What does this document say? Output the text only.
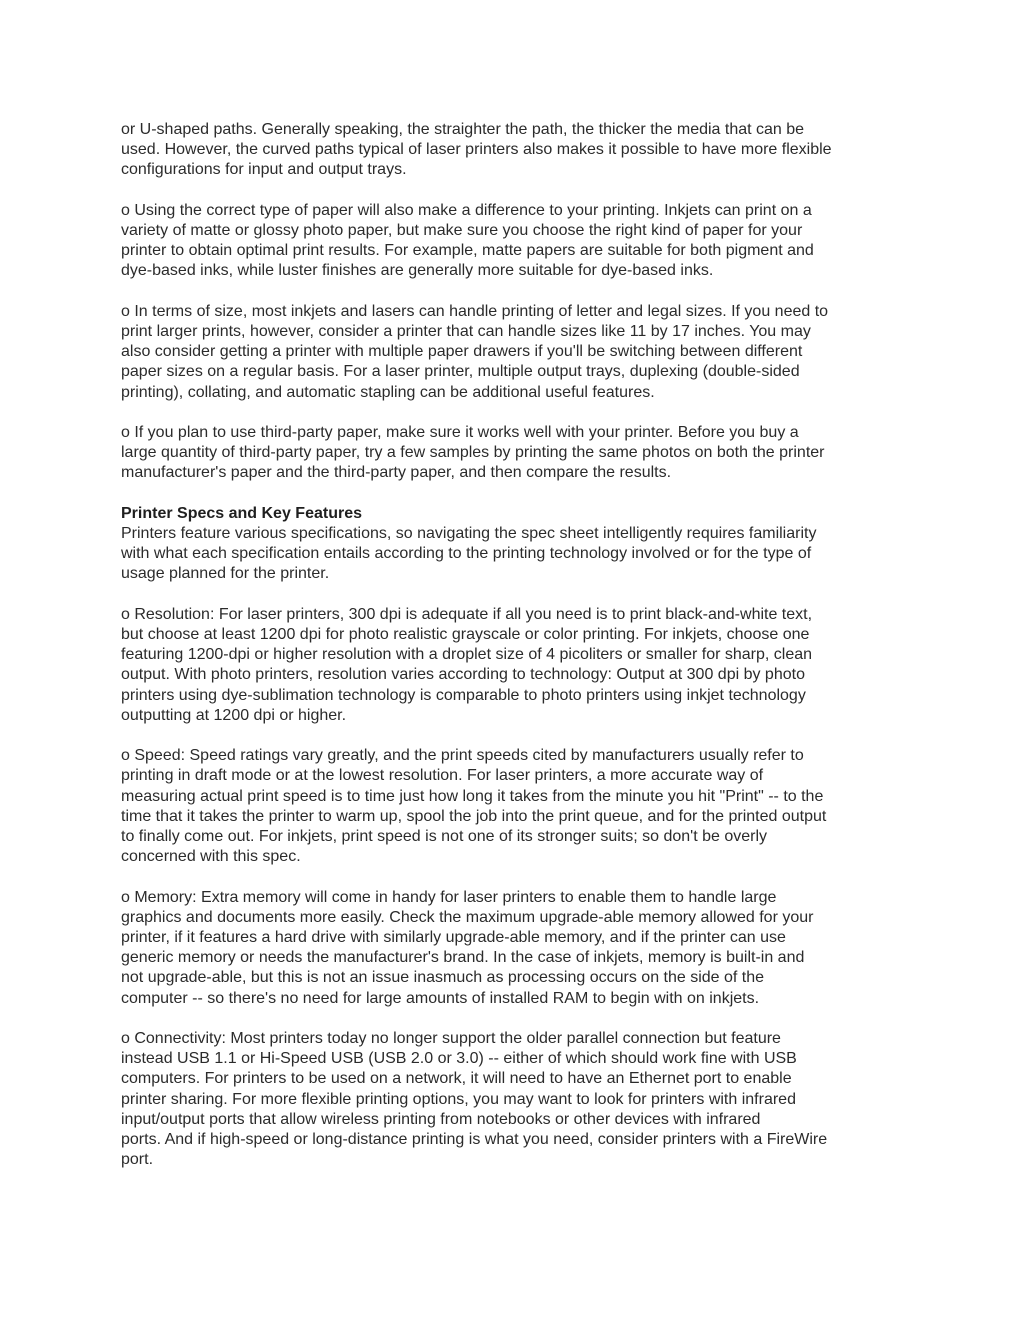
or U-shaped paths. Generally speaking, the straighter the path, the thicker the media that can be
used. However, the curved paths typical of laser printers also makes it possible to have more flexible
configurations for input and output trays.

o Using the correct type of paper will also make a difference to your printing. Inkjets can print on a
variety of matte or glossy photo paper, but make sure you choose the right kind of paper for your
printer to obtain optimal print results. For example, matte papers are suitable for both pigment and
dye-based inks, while luster finishes are generally more suitable for dye-based inks.

o In terms of size, most inkjets and lasers can handle printing of letter and legal sizes. If you need to
print larger prints, however, consider a printer that can handle sizes like 11 by 17 inches. You may
also consider getting a printer with multiple paper drawers if you'll be switching between different
paper sizes on a regular basis. For a laser printer, multiple output trays, duplexing (double-sided
printing), collating, and automatic stapling can be additional useful features.

o If you plan to use third-party paper, make sure it works well with your printer. Before you buy a
large quantity of third-party paper, try a few samples by printing the same photos on both the printer
manufacturer's paper and the third-party paper, and then compare the results.

Printer Specs and Key Features

Printers feature various specifications, so navigating the spec sheet intelligently requires familiarity
with what each specification entails according to the printing technology involved or for the type of
usage planned for the printer.

o Resolution: For laser printers, 300 dpi is adequate if all you need is to print black-and-white text,
but choose at least 1200 dpi for photo realistic grayscale or color printing. For inkjets, choose one
featuring 1200-dpi or higher resolution with a droplet size of 4 picoliters or smaller for sharp, clean
output. With photo printers, resolution varies according to technology: Output at 300 dpi by photo
printers using dye-sublimation technology is comparable to photo printers using inkjet technology
outputting at 1200 dpi or higher.

o Speed: Speed ratings vary greatly, and the print speeds cited by manufacturers usually refer to
printing in draft mode or at the lowest resolution. For laser printers, a more accurate way of
measuring actual print speed is to time just how long it takes from the minute you hit "Print" -- to the
time that it takes the printer to warm up, spool the job into the print queue, and for the printed output
to finally come out. For inkjets, print speed is not one of its stronger suits; so don't be overly
concerned with this spec.

o Memory: Extra memory will come in handy for laser printers to enable them to handle large
graphics and documents more easily. Check the maximum upgrade-able memory allowed for your
printer, if it features a hard drive with similarly upgrade-able memory, and if the printer can use
generic memory or needs the manufacturer's brand. In the case of inkjets, memory is built-in and
not upgrade-able, but this is not an issue inasmuch as processing occurs on the side of the
computer -- so there's no need for large amounts of installed RAM to begin with on inkjets.

o Connectivity: Most printers today no longer support the older parallel connection but feature
instead USB 1.1 or Hi-Speed USB (USB 2.0 or 3.0) -- either of which should work fine with USB
computers. For printers to be used on a network, it will need to have an Ethernet port to enable
printer sharing. For more flexible printing options, you may want to look for printers with infrared
input/output ports that allow wireless printing from notebooks or other devices with infrared
ports. And if high-speed or long-distance printing is what you need, consider printers with a FireWire
port.
